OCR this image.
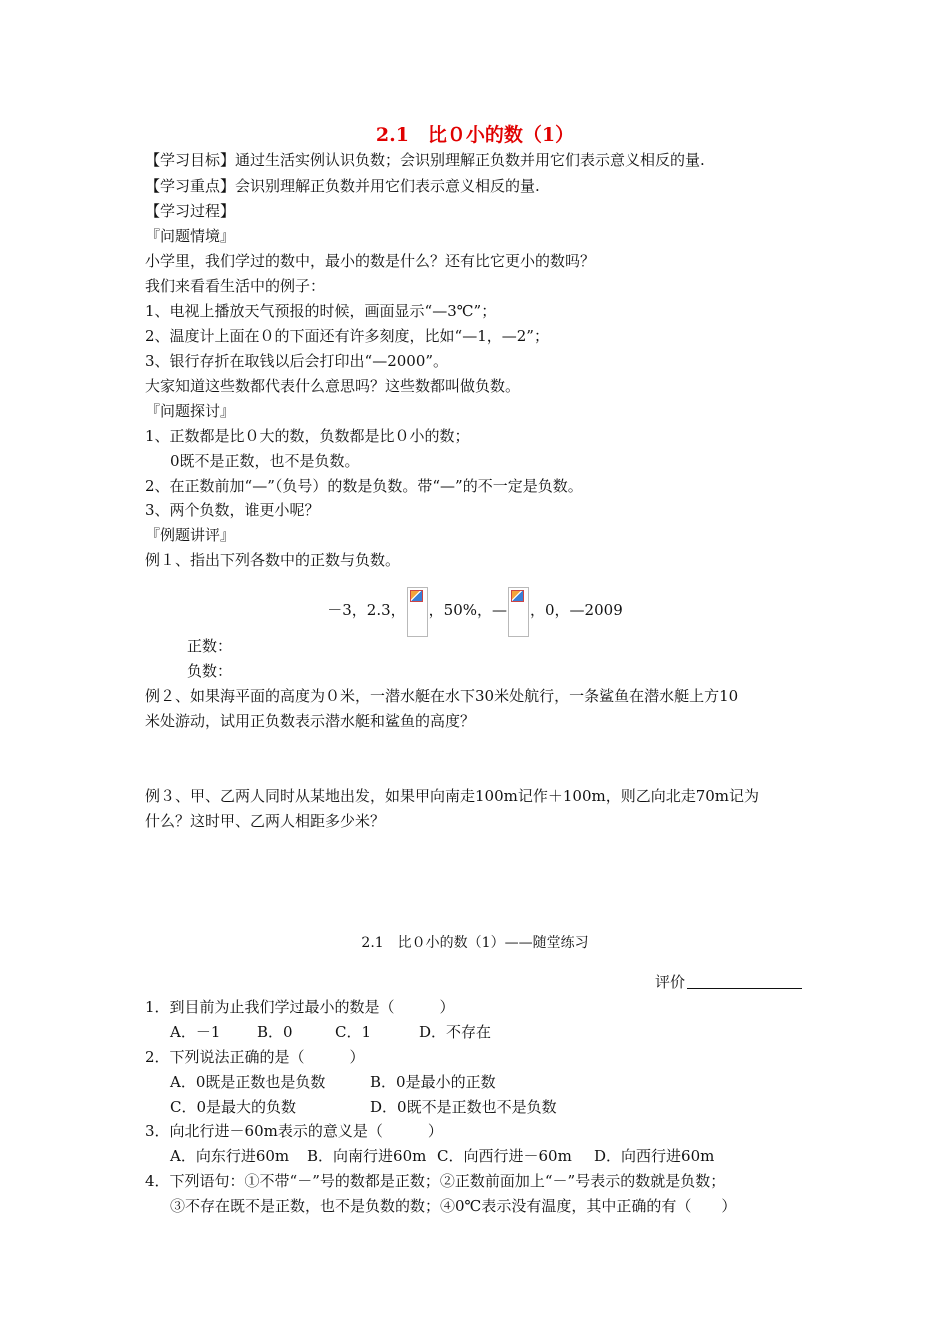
2.1　比０小的数（1）
【学习目标】通过生活实例认识负数；会识别理解正负数并用它们表示意义相反的量.
【学习重点】会识别理解正负数并用它们表示意义相反的量.
【学习过程】
『问题情境』
小学里，我们学过的数中，最小的数是什么？还有比它更小的数吗？
我们来看看生活中的例子：
1、电视上播放天气预报的时候，画面显示“—3℃”；
2、温度计上面在０的下面还有许多刻度，比如“—1，—2”；
3、银行存折在取钱以后会打印出“—2000”。
大家知道这些数都代表什么意思吗？这些数都叫做负数。
『问题探讨』
1、正数都是比０大的数，负数都是比０小的数；
0既不是正数，也不是负数。
2、在正数前加“—”（负号）的数是负数。带“—”的不一定是负数。
3、两个负数，谁更小呢？
『例题讲评』
例１、指出下列各数中的正数与负数。
－3，2.3， ，50%，— ，0，—2009
正数：
负数：
例２、如果海平面的高度为０米，一潜水艇在水下30米处航行，一条鲨鱼在潜水艇上方10
米处游动，试用正负数表示潜水艇和鲨鱼的高度？
例３、甲、乙两人同时从某地出发，如果甲向南走100m记作＋100m，则乙向北走70m记为
什么？这时甲、乙两人相距多少米？
2.1　比０小的数（1）——随堂练习
评价
1．到目前为止我们学过最小的数是（　　　）
A．－1 B．0	C．1	D．不存在
2．下列说法正确的是（　　　）
A．0既是正数也是负数	B．0是最小的正数
C．0是最大的负数	D．0既不是正数也不是负数
3．向北行进－60m表示的意义是（　　　）
A．向东行进60m B．向南行进60m C．向西行进－60m D．向西行进60m
4．下列语句：①不带“－”号的数都是正数；②正数前面加上“－”号表示的数就是负数；
③不存在既不是正数，也不是负数的数；④0℃表示没有温度，其中正确的有（　　）
